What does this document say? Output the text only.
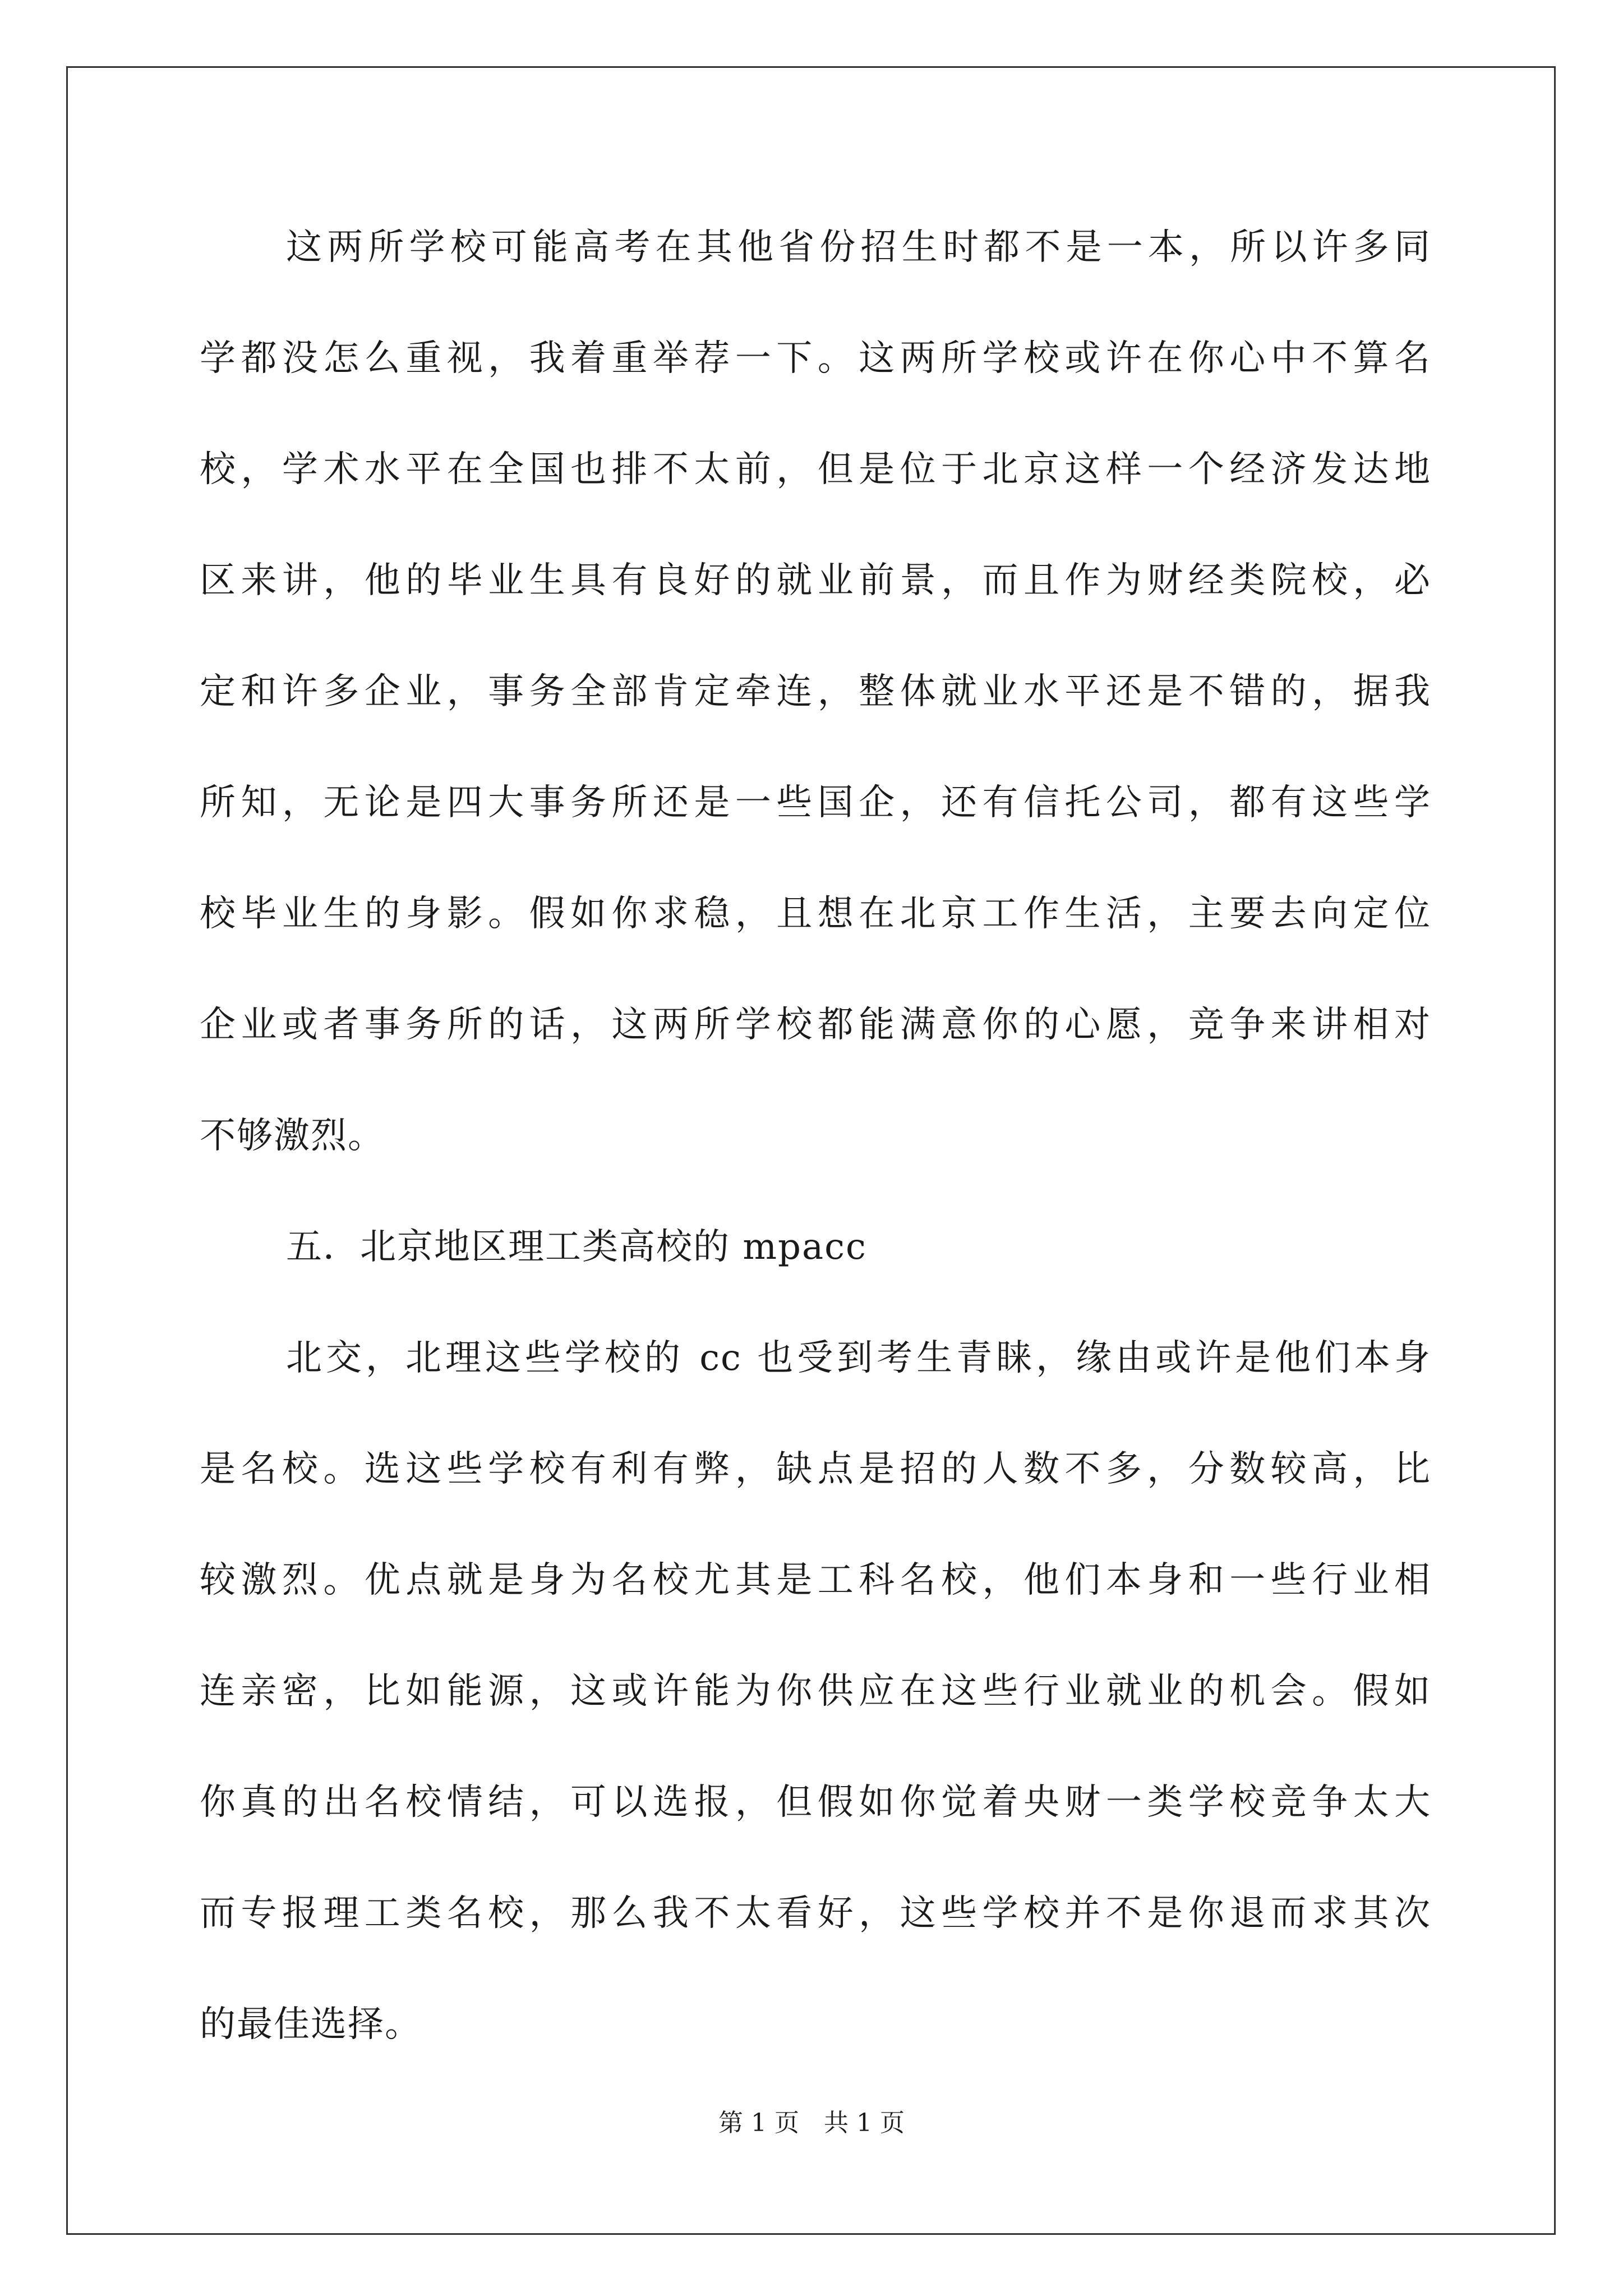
这两所学校可能高考在其他省份招生时都不是一本，所以许多同
学都没怎么重视，我着重举荐一下。这两所学校或许在你心中不算名
校，学术水平在全国也排不太前，但是位于北京这样一个经济发达地
区来讲，他的毕业生具有良好的就业前景，而且作为财经类院校，必
定和许多企业，事务全部肯定牵连，整体就业水平还是不错的，据我
所知，无论是四大事务所还是一些国企，还有信托公司，都有这些学
校毕业生的身影。假如你求稳，且想在北京工作生活，主要去向定位
企业或者事务所的话，这两所学校都能满意你的心愿，竞争来讲相对
不够激烈。
五．北京地区理工类高校的 mpacc
北交，北理这些学校的 cc 也受到考生青睐，缘由或许是他们本身
是名校。选这些学校有利有弊，缺点是招的人数不多，分数较高，比
较激烈。优点就是身为名校尤其是工科名校，他们本身和一些行业相
连亲密，比如能源，这或许能为你供应在这些行业就业的机会。假如
你真的出名校情结，可以选报，但假如你觉着央财一类学校竞争太大
而专报理工类名校，那么我不太看好，这些学校并不是你退而求其次
的最佳选择。
第 1 页　共 1 页
